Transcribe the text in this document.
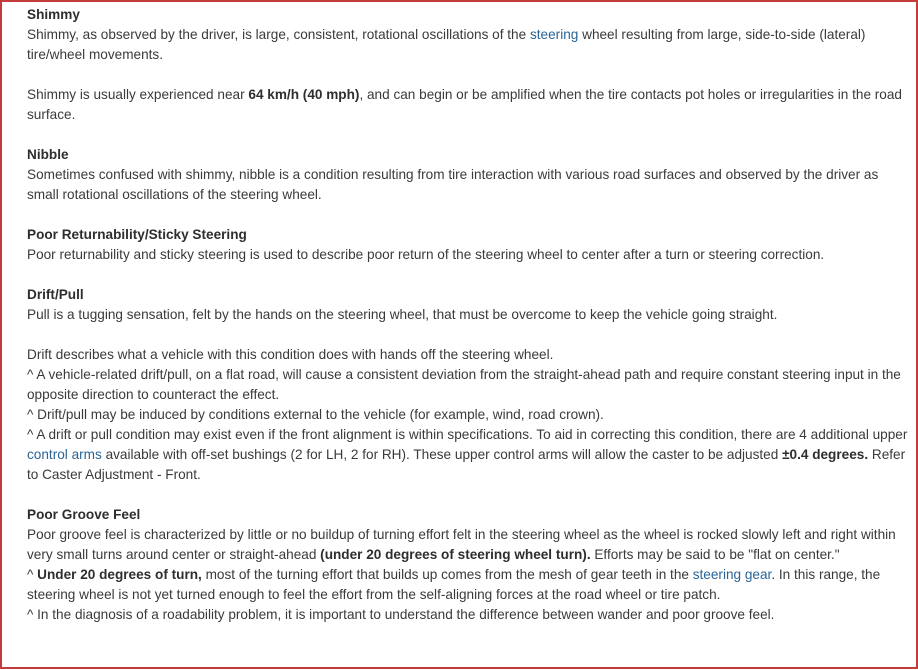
Shimmy

Shimmy, as observed by the driver, is large, consistent, rotational oscillations of the steering wheel resulting from large, side-to-side (lateral) tire/wheel movements.

Shimmy is usually experienced near 64 km/h (40 mph), and can begin or be amplified when the tire contacts pot holes or irregularities in the road surface.

Nibble

Sometimes confused with shimmy, nibble is a condition resulting from tire interaction with various road surfaces and observed by the driver as small rotational oscillations of the steering wheel.

Poor Returnability/Sticky Steering

Poor returnability and sticky steering is used to describe poor return of the steering wheel to center after a turn or steering correction.

Drift/Pull

Pull is a tugging sensation, felt by the hands on the steering wheel, that must be overcome to keep the vehicle going straight.

Drift describes what a vehicle with this condition does with hands off the steering wheel.

^ A vehicle-related drift/pull, on a flat road, will cause a consistent deviation from the straight-ahead path and require constant steering input in the opposite direction to counteract the effect.

^ Drift/pull may be induced by conditions external to the vehicle (for example, wind, road crown).

^ A drift or pull condition may exist even if the front alignment is within specifications. To aid in correcting this condition, there are 4 additional upper control arms available with off-set bushings (2 for LH, 2 for RH). These upper control arms will allow the caster to be adjusted ±0.4 degrees. Refer to Caster Adjustment - Front.

Poor Groove Feel

Poor groove feel is characterized by little or no buildup of turning effort felt in the steering wheel as the wheel is rocked slowly left and right within very small turns around center or straight-ahead (under 20 degrees of steering wheel turn). Efforts may be said to be "flat on center."

^ Under 20 degrees of turn, most of the turning effort that builds up comes from the mesh of gear teeth in the steering gear. In this range, the steering wheel is not yet turned enough to feel the effort from the self-aligning forces at the road wheel or tire patch.

^ In the diagnosis of a roadability problem, it is important to understand the difference between wander and poor groove feel.
